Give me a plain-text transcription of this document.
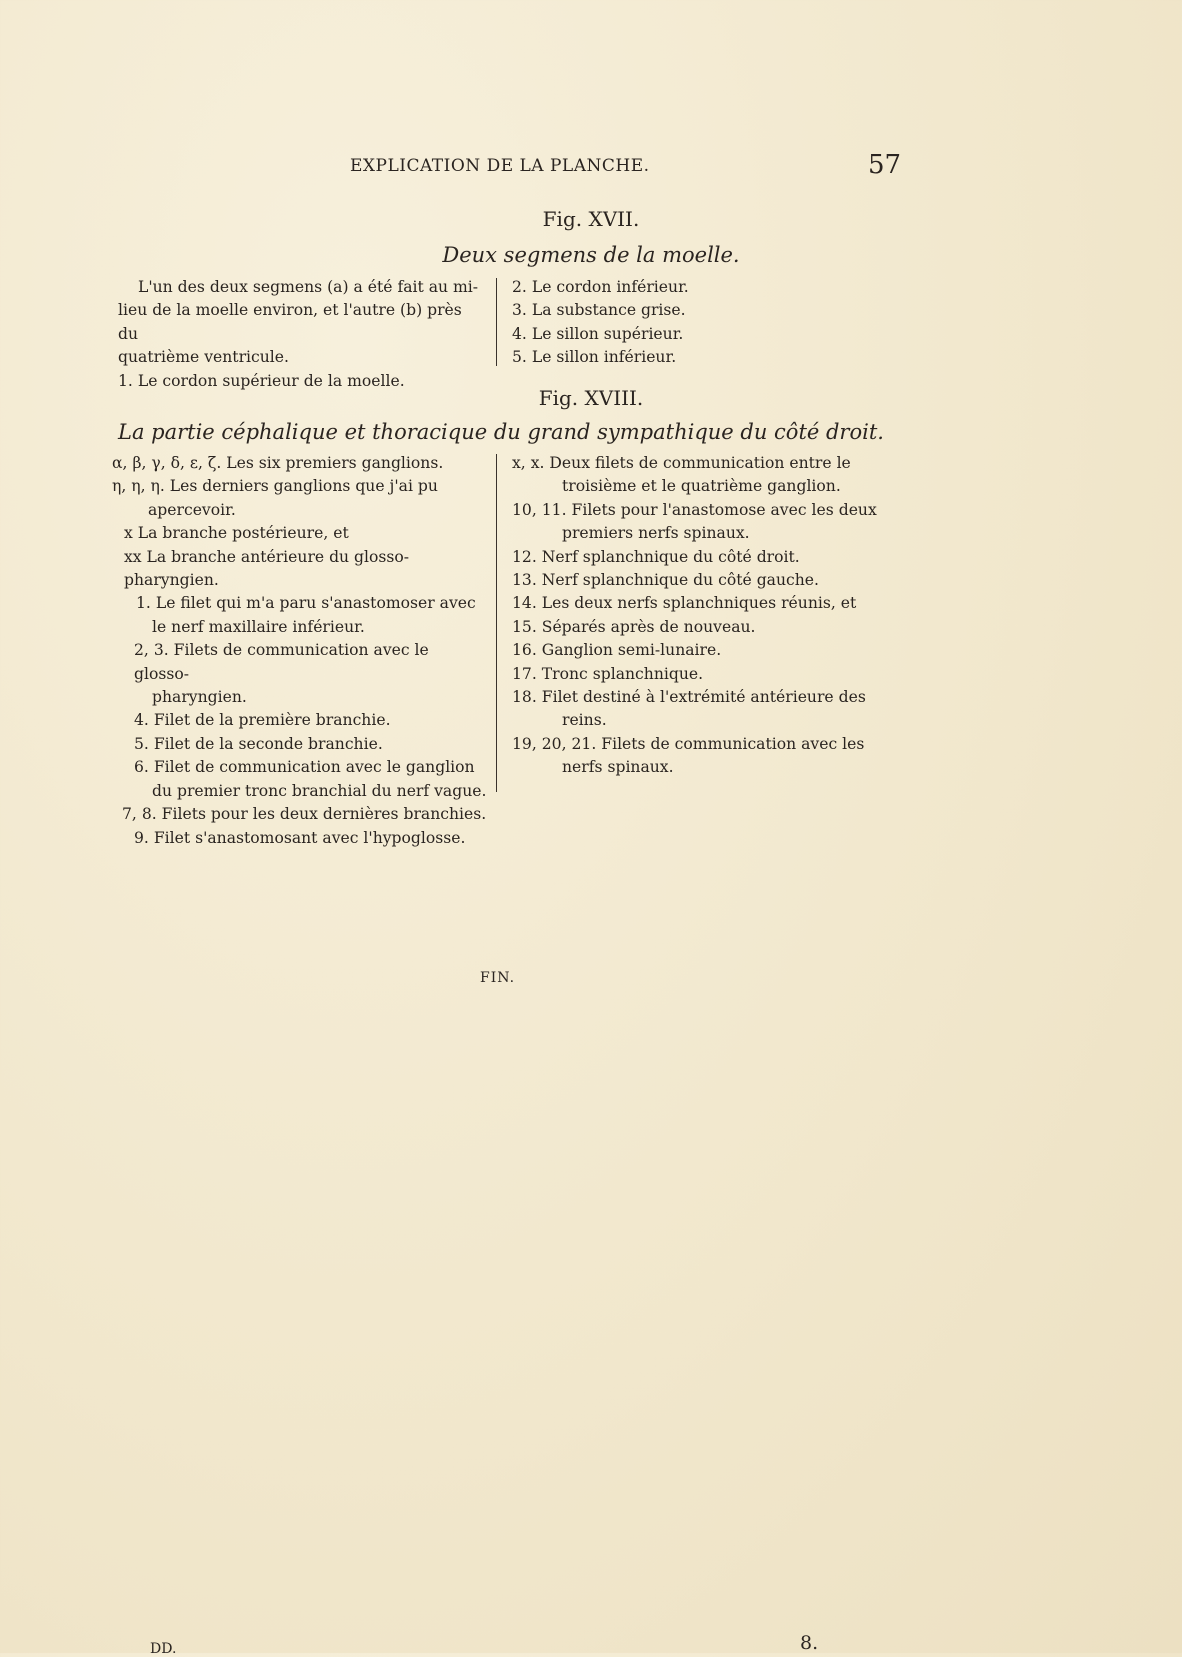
EXPLICATION DE LA PLANCHE.	57
Fig. XVII.
Deux segmens de la moelle.

L'un des deux segmens (a) a été fait au mi-

lieu de la moelle environ, et l'autre (b) près du

quatrième ventricule.

1. Le cordon supérieur de la moelle.

2. Le cordon inférieur.

3. La substance grise.

4. Le sillon supérieur.

5. Le sillon inférieur.

Fig. XVIII.
La partie céphalique et thoracique du grand sympathique du côté droit.

α, β, γ, δ, ε, ζ. Les six premiers ganglions.

η, η, η. Les derniers ganglions que j'ai pu

apercevoir.

x La branche postérieure, et

xx La branche antérieure du glosso-pharyngien.

1. Le filet qui m'a paru s'anastomoser avec

le nerf maxillaire inférieur.

2, 3. Filets de communication avec le glosso-

pharyngien.

4. Filet de la première branchie.

5. Filet de la seconde branchie.

6. Filet de communication avec le ganglion

du premier tronc branchial du nerf vague.

7, 8. Filets pour les deux dernières branchies.

9. Filet s'anastomosant avec l'hypoglosse.

x, x. Deux filets de communication entre le

troisième et le quatrième ganglion.

10, 11. Filets pour l'anastomose avec les deux

premiers nerfs spinaux.

12. Nerf splanchnique du côté droit.

13. Nerf splanchnique du côté gauche.

14. Les deux nerfs splanchniques réunis, et

15. Séparés après de nouveau.

16. Ganglion semi-lunaire.

17. Tronc splanchnique.

18. Filet destiné à l'extrémité antérieure des

reins.

19, 20, 21. Filets de communication avec les

nerfs spinaux.

FIN.
DD.	8.
